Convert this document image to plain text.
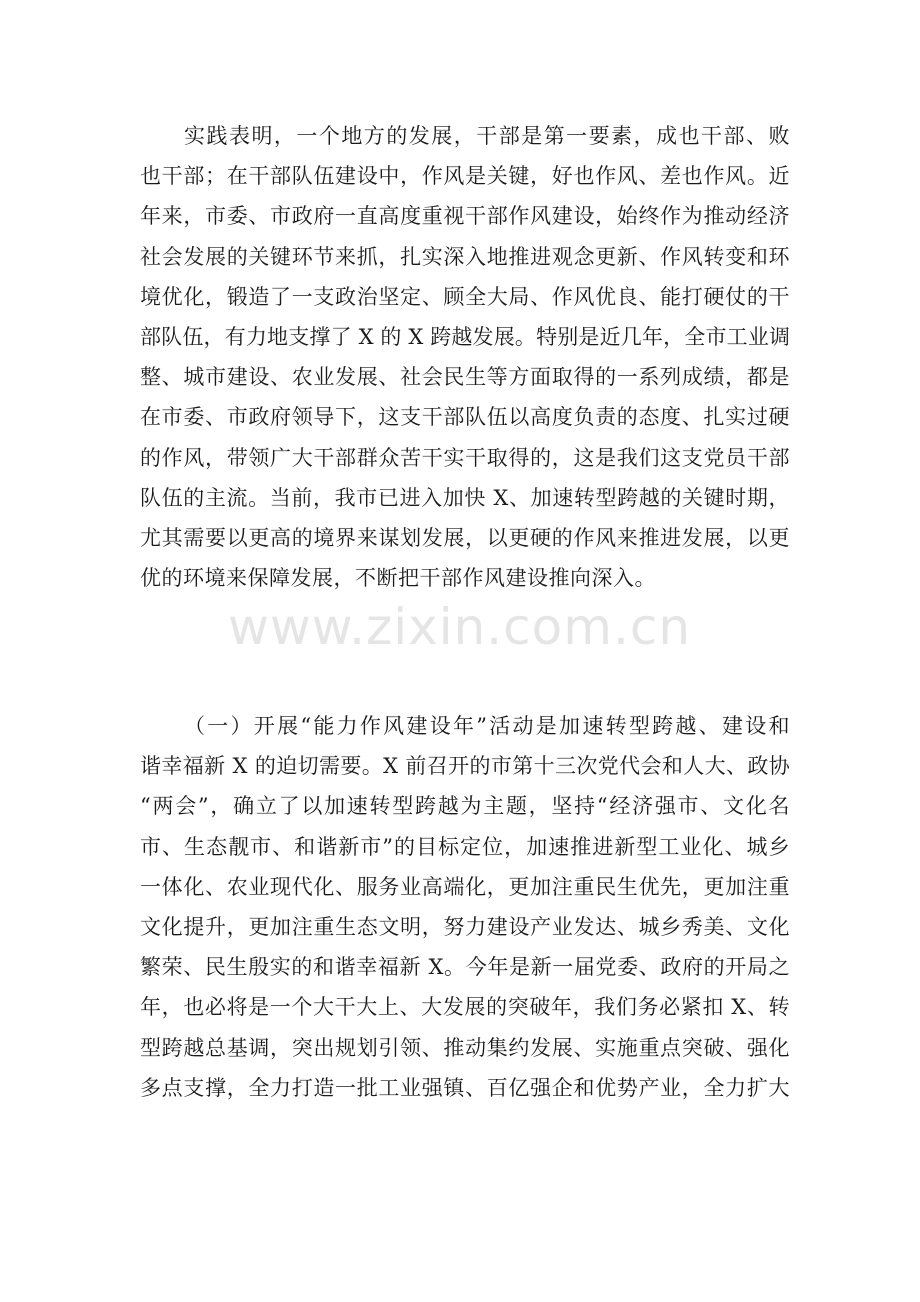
实践表明，一个地方的发展，干部是第一要素，成也干部、败
也干部；在干部队伍建设中，作风是关键，好也作风、差也作风。近
年来，市委、市政府一直高度重视干部作风建设，始终作为推动经济
社会发展的关键环节来抓，扎实深入地推进观念更新、作风转变和环
境优化，锻造了一支政治坚定、顾全大局、作风优良、能打硬仗的干
部队伍，有力地支撑了 X 的 X 跨越发展。特别是近几年，全市工业调
整、城市建设、农业发展、社会民生等方面取得的一系列成绩，都是
在市委、市政府领导下，这支干部队伍以高度负责的态度、扎实过硬
的作风，带领广大干部群众苦干实干取得的，这是我们这支党员干部
队伍的主流。当前，我市已进入加快 X、加速转型跨越的关键时期，
尤其需要以更高的境界来谋划发展，以更硬的作风来推进发展，以更
优的环境来保障发展，不断把干部作风建设推向深入。
（一）开展“能力作风建设年”活动是加速转型跨越、建设和
谐幸福新 X 的迫切需要。X 前召开的市第十三次党代会和人大、政协
“两会”，确立了以加速转型跨越为主题，坚持“经济强市、文化名
市、生态靓市、和谐新市”的目标定位，加速推进新型工业化、城乡
一体化、农业现代化、服务业高端化，更加注重民生优先，更加注重
文化提升，更加注重生态文明，努力建设产业发达、城乡秀美、文化
繁荣、民生殷实的和谐幸福新 X。今年是新一届党委、政府的开局之
年，也必将是一个大干大上、大发展的突破年，我们务必紧扣 X、转
型跨越总基调，突出规划引领、推动集约发展、实施重点突破、强化
多点支撑，全力打造一批工业强镇、百亿强企和优势产业，全力扩大
www.zixin.com.cn
